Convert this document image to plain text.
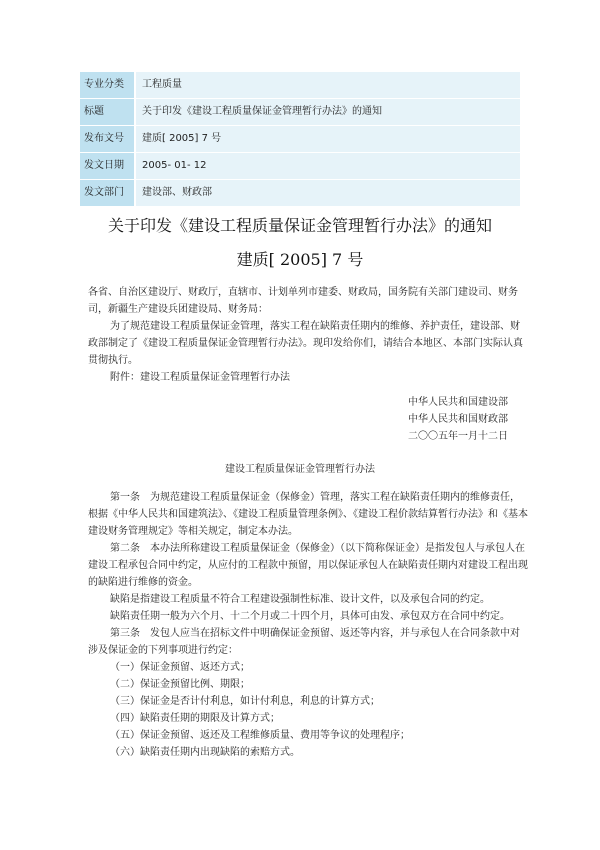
专业分类	工程质量
标题	关于印发《建设工程质量保证金管理暂行办法》的通知
发布文号	建质[ 2005] 7 号
发文日期	2005- 01- 12
发文部门	建设部、财政部
关于印发《建设工程质量保证金管理暂行办法》的通知
建质[ 2005] 7 号

各省、自治区建设厅、财政厅，直辖市、计划单列市建委、财政局，国务院有关部门建设司、财务司，新疆生产建设兵团建设局、财务局：

为了规范建设工程质量保证金管理，落实工程在缺陷责任期内的维修、养护责任，建设部、财政部制定了《建设工程质量保证金管理暂行办法》。现印发给你们，请结合本地区、本部门实际认真贯彻执行。

附件：建设工程质量保证金管理暂行办法

中华人民共和国建设部
中华人民共和国财政部
二〇〇五年一月十二日
建设工程质量保证金管理暂行办法

第一条　为规范建设工程质量保证金（保修金）管理，落实工程在缺陷责任期内的维修责任，根据《中华人民共和国建筑法》、《建设工程质量管理条例》、《建设工程价款结算暂行办法》和《基本建设财务管理规定》等相关规定，制定本办法。

第二条　本办法所称建设工程质量保证金（保修金）（以下简称保证金）是指发包人与承包人在建设工程承包合同中约定，从应付的工程款中预留，用以保证承包人在缺陷责任期内对建设工程出现的缺陷进行维修的资金。

缺陷是指建设工程质量不符合工程建设强制性标准、设计文件，以及承包合同的约定。

缺陷责任期一般为六个月、十二个月或二十四个月，具体可由发、承包双方在合同中约定。

第三条　发包人应当在招标文件中明确保证金预留、返还等内容，并与承包人在合同条款中对涉及保证金的下列事项进行约定：

（一）保证金预留、返还方式；

（二）保证金预留比例、期限；

（三）保证金是否计付利息，如计付利息，利息的计算方式；

（四）缺陷责任期的期限及计算方式；

（五）保证金预留、返还及工程维修质量、费用等争议的处理程序；

（六）缺陷责任期内出现缺陷的索赔方式。
